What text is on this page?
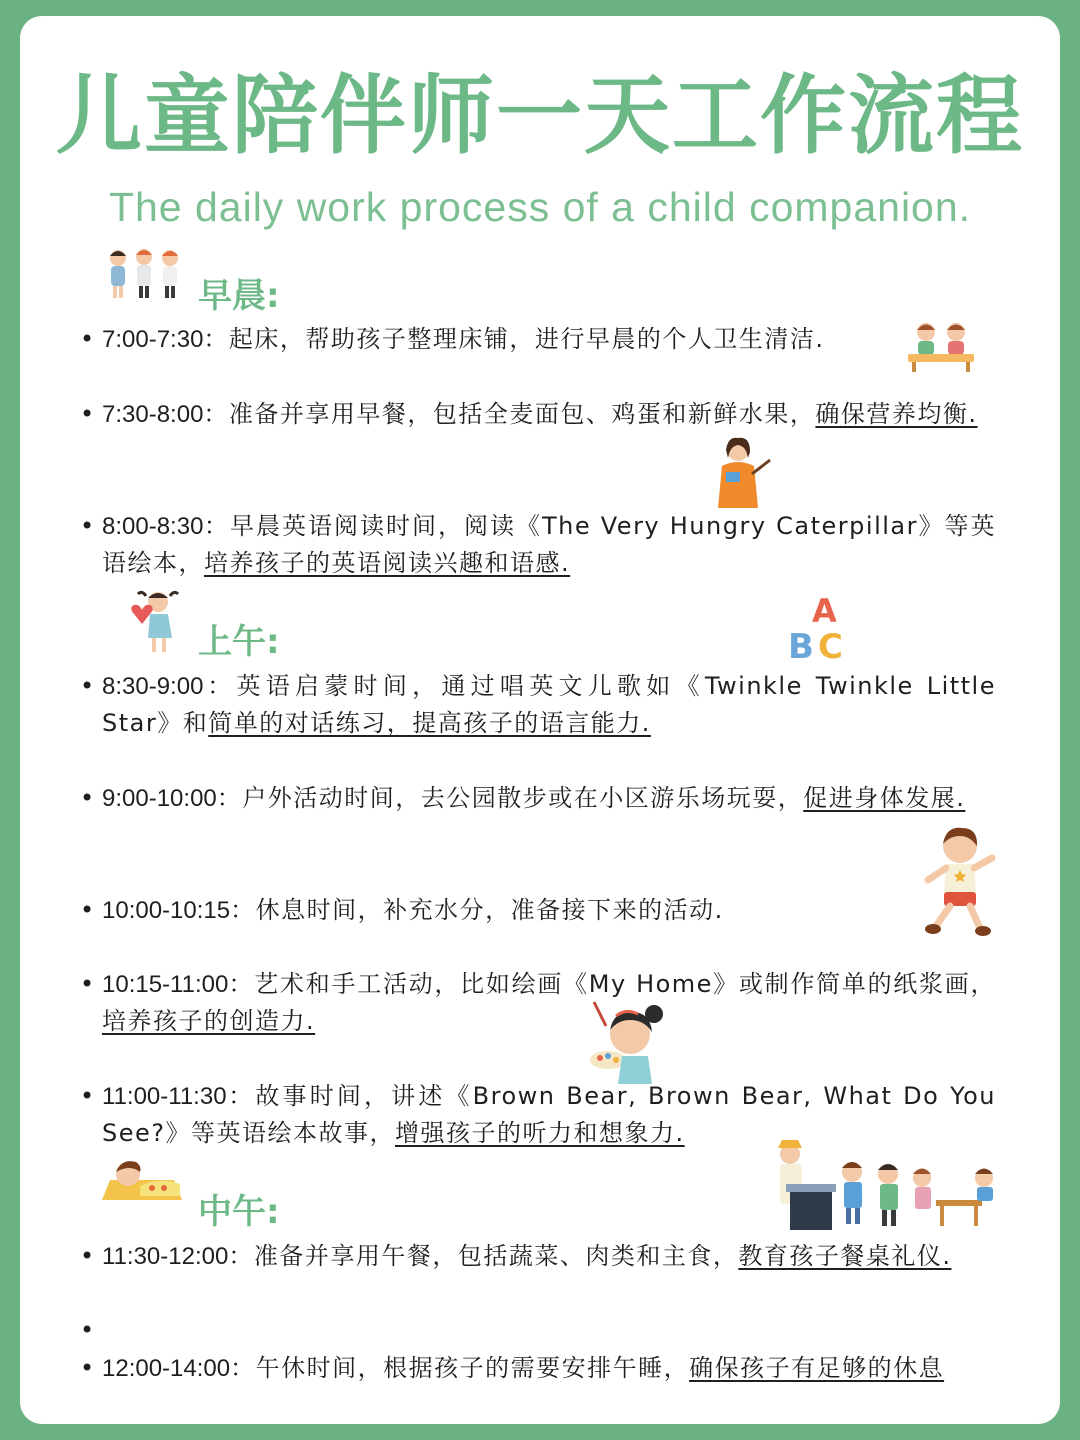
儿童陪伴师一天工作流程
The daily work process of a child companion.
早晨:
• 7:00-7:30：起床，帮助孩子整理床铺，进行早晨的个人卫生清洁.
• 7:30-8:00：准备并享用早餐，包括全麦面包、鸡蛋和新鲜水果，确保营养均衡.
• 8:00-8:30：早晨英语阅读时间，阅读《The Very Hungry Caterpillar》等英语绘本，培养孩子的英语阅读兴趣和语感.
上午:
A
B C
• 8:30-9:00：英语启蒙时间，通过唱英文儿歌如《Twinkle Twinkle Little Star》和简单的对话练习，提高孩子的语言能力.
• 9:00-10:00：户外活动时间，去公园散步或在小区游乐场玩耍，促进身体发展.
• 10:00-10:15：休息时间，补充水分，准备接下来的活动.
• 10:15-11:00：艺术和手工活动，比如绘画《My Home》或制作简单的纸浆画，培养孩子的创造力.
• 11:00-11:30：故事时间，讲述《Brown Bear, Brown Bear, What Do You See?》等英语绘本故事，增强孩子的听力和想象力.
中午:
• 11:30-12:00：准备并享用午餐，包括蔬菜、肉类和主食，教育孩子餐桌礼仪.
•
• 12:00-14:00：午休时间，根据孩子的需要安排午睡，确保孩子有足够的休息
